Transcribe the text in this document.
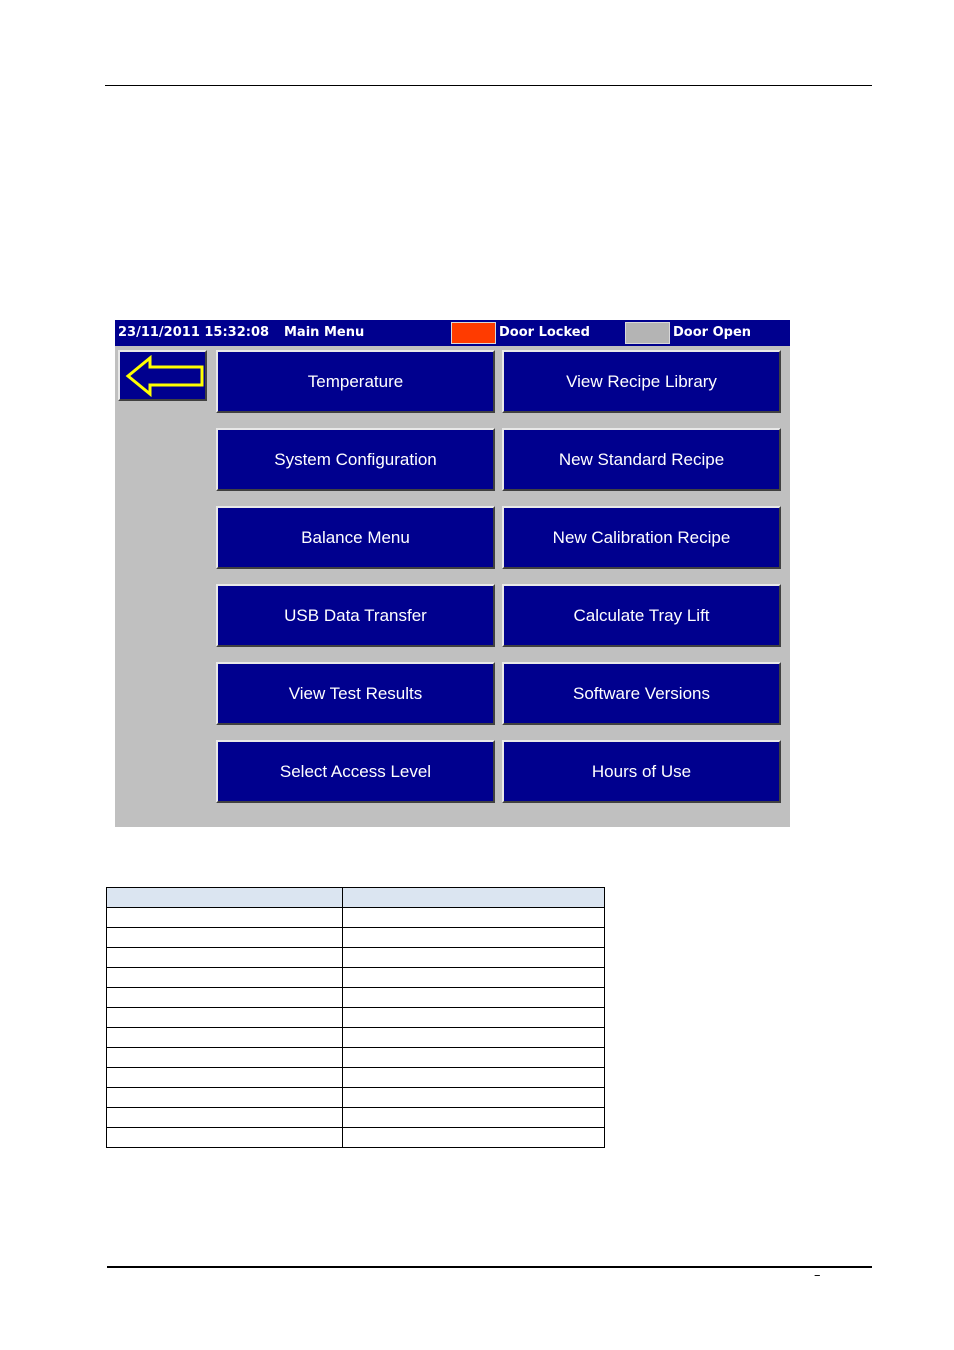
23/11/2011 15:32:08 Main Menu	Door Locked	Door Open
Temperature	View Recipe Library
System Configuration	New Standard Recipe
Balance Menu	New Calibration Recipe
USB Data Transfer	Calculate Tray Lift
View Test Results	Software Versions
Select Access Level	Hours of Use

–
